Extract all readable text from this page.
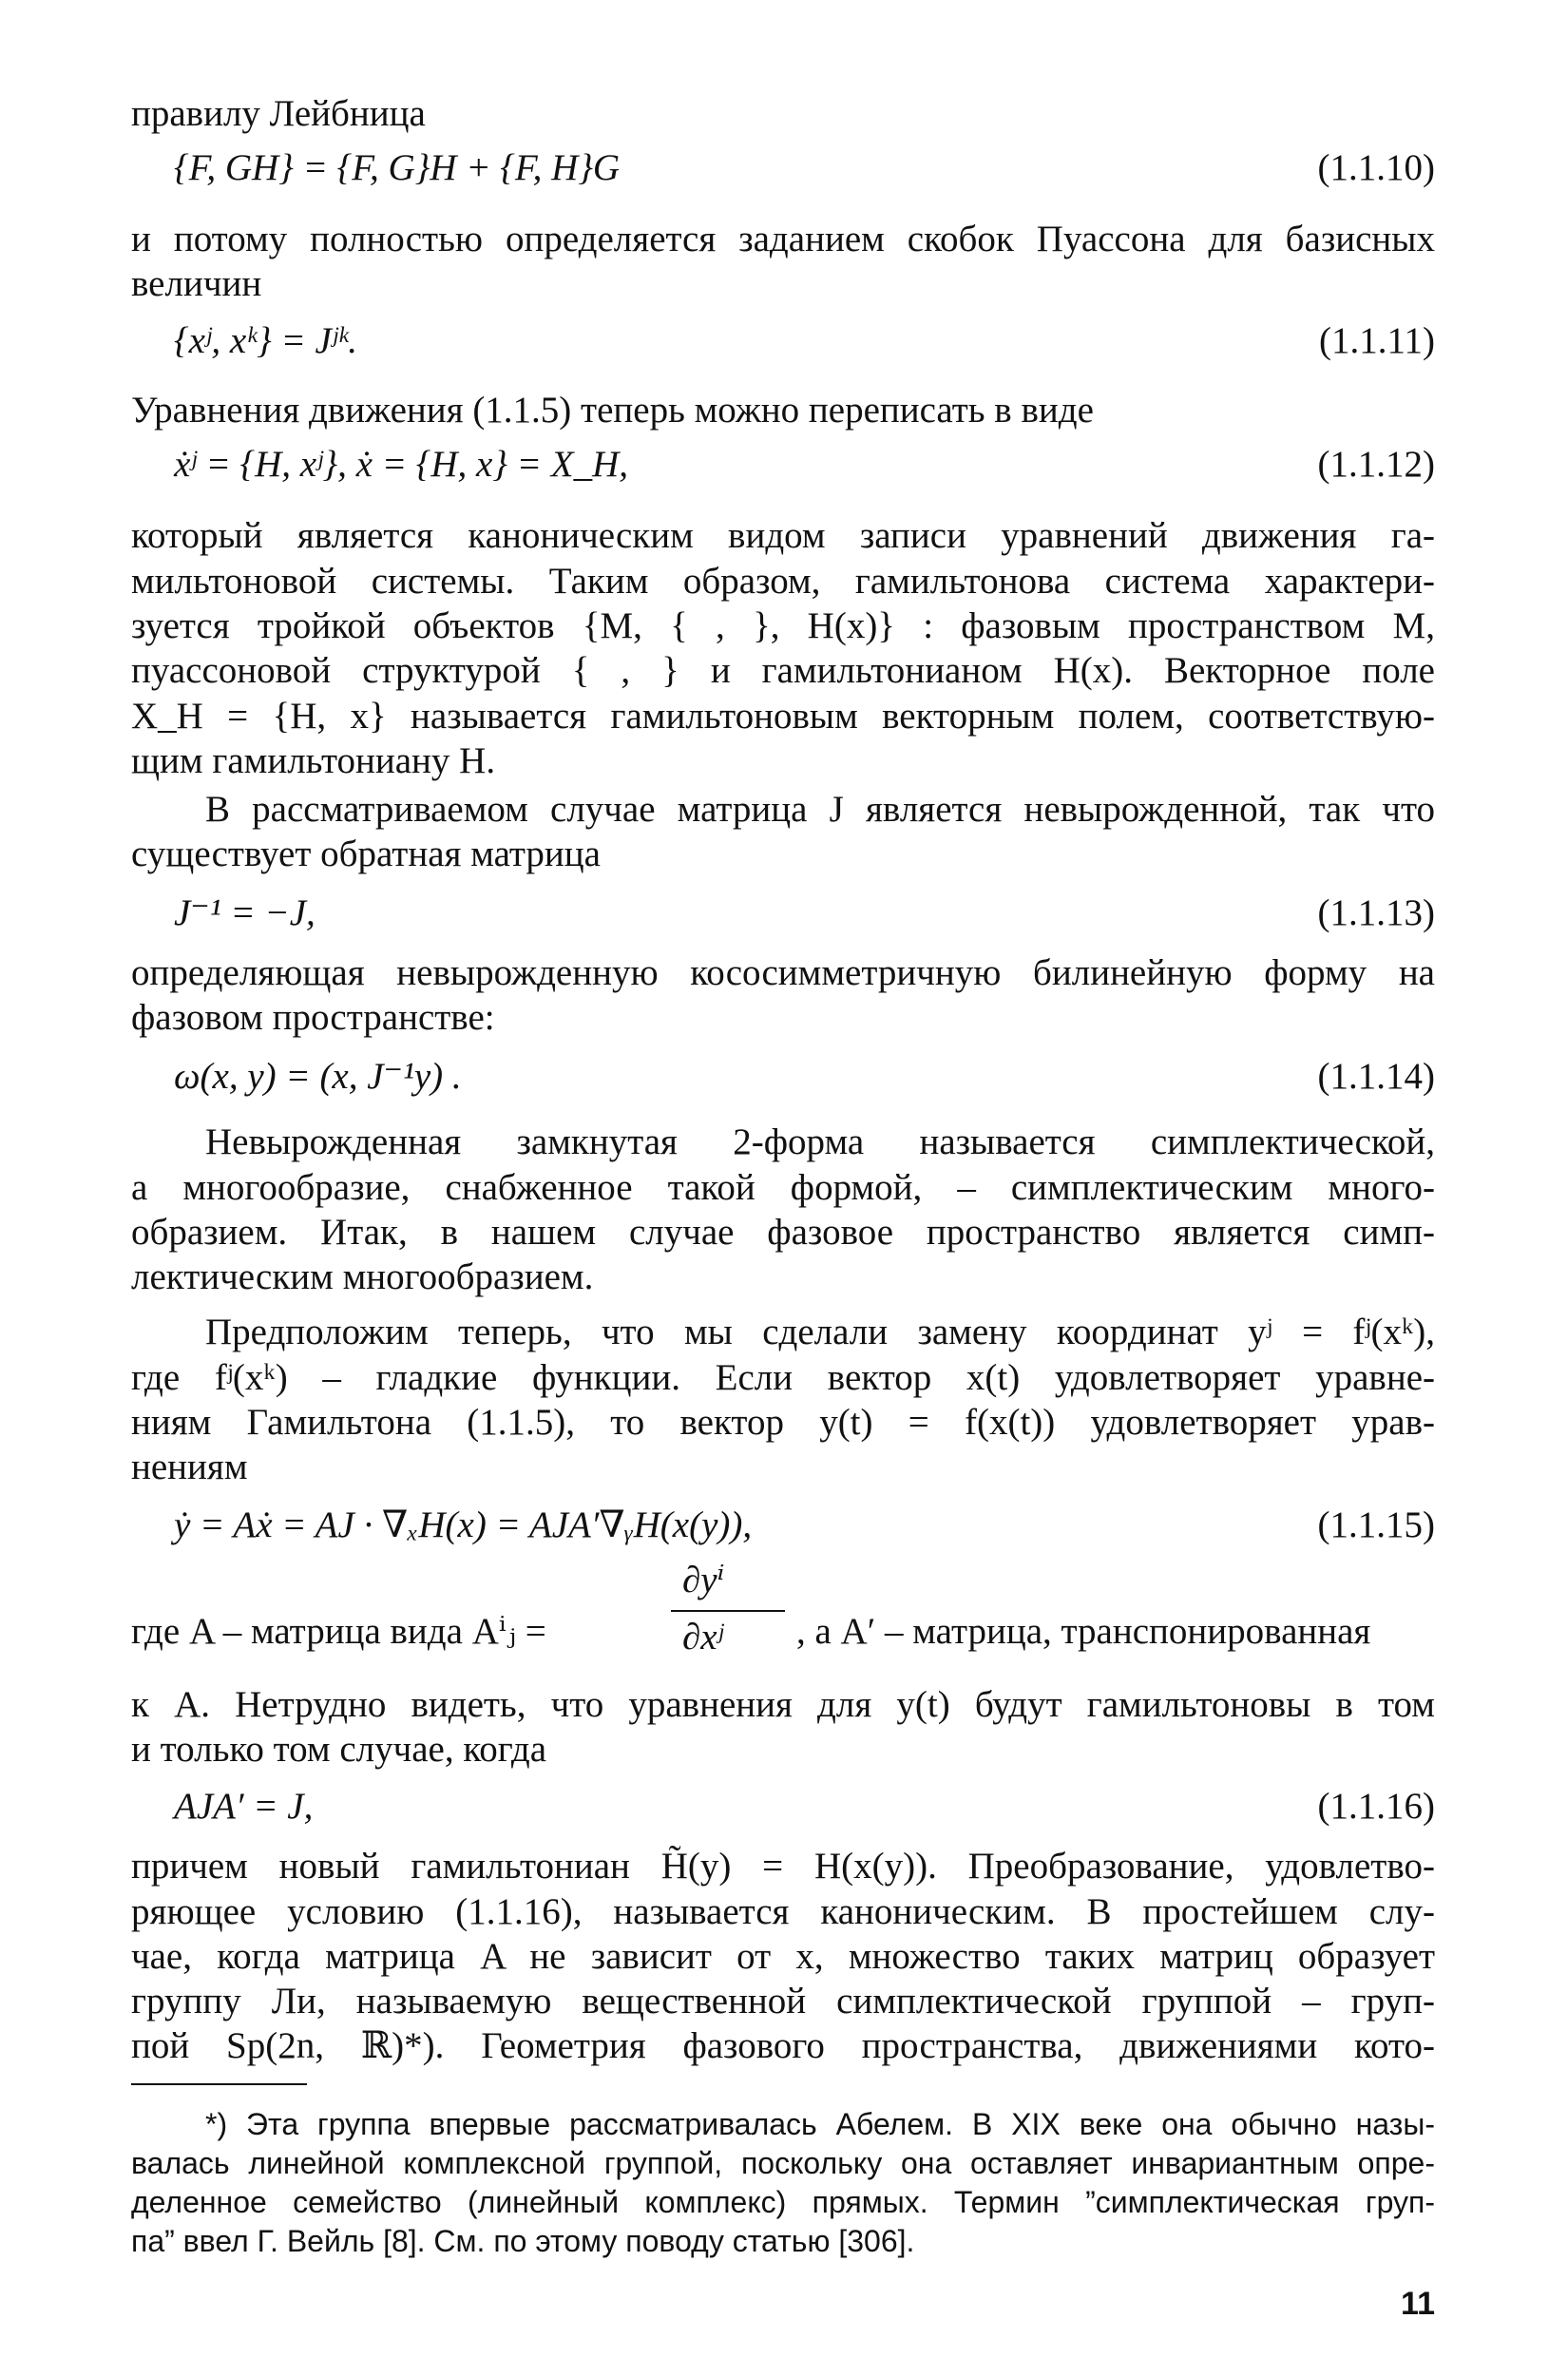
правилу Лейбница

{F, GH} = {F, G}H + {F, H}G	(1.1.10)

и потому полностью определяется заданием скобок Пуассона для базисных

величин

{xʲ, xᵏ} = Jʲᵏ.	(1.1.11)

Уравнения движения (1.1.5) теперь можно переписать в виде

ẋʲ = {H, xʲ}, ẋ = {H, x} = X_H,	(1.1.12)

который является каноническим видом записи уравнений движения га-

мильтоновой системы. Таким образом, гамильтонова система характери-

зуется тройкой объектов {M, { , }, H(x)} : фазовым пространством M,

пуассоновой структурой { , } и гамильтонианом H(x). Векторное поле

X_H = {H, x} называется гамильтоновым векторным полем, соответствую-

щим гамильтониану H.

В рассматриваемом случае матрица J является невырожденной, так что

существует обратная матрица

J⁻¹ = −J,	(1.1.13)

определяющая невырожденную кососимметричную билинейную форму на

фазовом пространстве:

ω(x, y) = (x, J⁻¹y) .	(1.1.14)

Невырожденная замкнутая 2-форма называется симплектической,

а многообразие, снабженное такой формой, – симплектическим много-

образием. Итак, в нашем случае фазовое пространство является симп-

лектическим многообразием.

Предположим теперь, что мы сделали замену координат yʲ = fʲ(xᵏ),

где fʲ(xᵏ) – гладкие функции. Если вектор x(t) удовлетворяет уравне-

ниям Гамильтона (1.1.5), то вектор y(t) = f(x(t)) удовлетворяет урав-

нениям

ẏ = Aẋ = AJ · ∇ₓH(x) = AJA′∇ᵧH(x(y)),	(1.1.15)
где A – матрица вида Aⁱⱼ =
∂yⁱ
∂xʲ , а A′ – матрица, транспонированная

к A. Нетрудно видеть, что уравнения для y(t) будут гамильтоновы в том

и только том случае, когда

AJA′ = J,	(1.1.16)

причем новый гамильтониан H̃(y) = H(x(y)). Преобразование, удовлетво-

ряющее условию (1.1.16), называется каноническим. В простейшем слу-

чае, когда матрица A не зависит от x, множество таких матриц образует

группу Ли, называемую вещественной симплектической группой – груп-

пой Sp(2n, ℝ)*). Геометрия фазового пространства, движениями кото-

*) Эта группа впервые рассматривалась Абелем. В XIX веке она обычно назы-

валась линейной комплексной группой, поскольку она оставляет инвариантным опре-

деленное семейство (линейный комплекс) прямых. Термин ”симплектическая груп-

па” ввел Г. Вейль [8]. См. по этому поводу статью [306].

11
